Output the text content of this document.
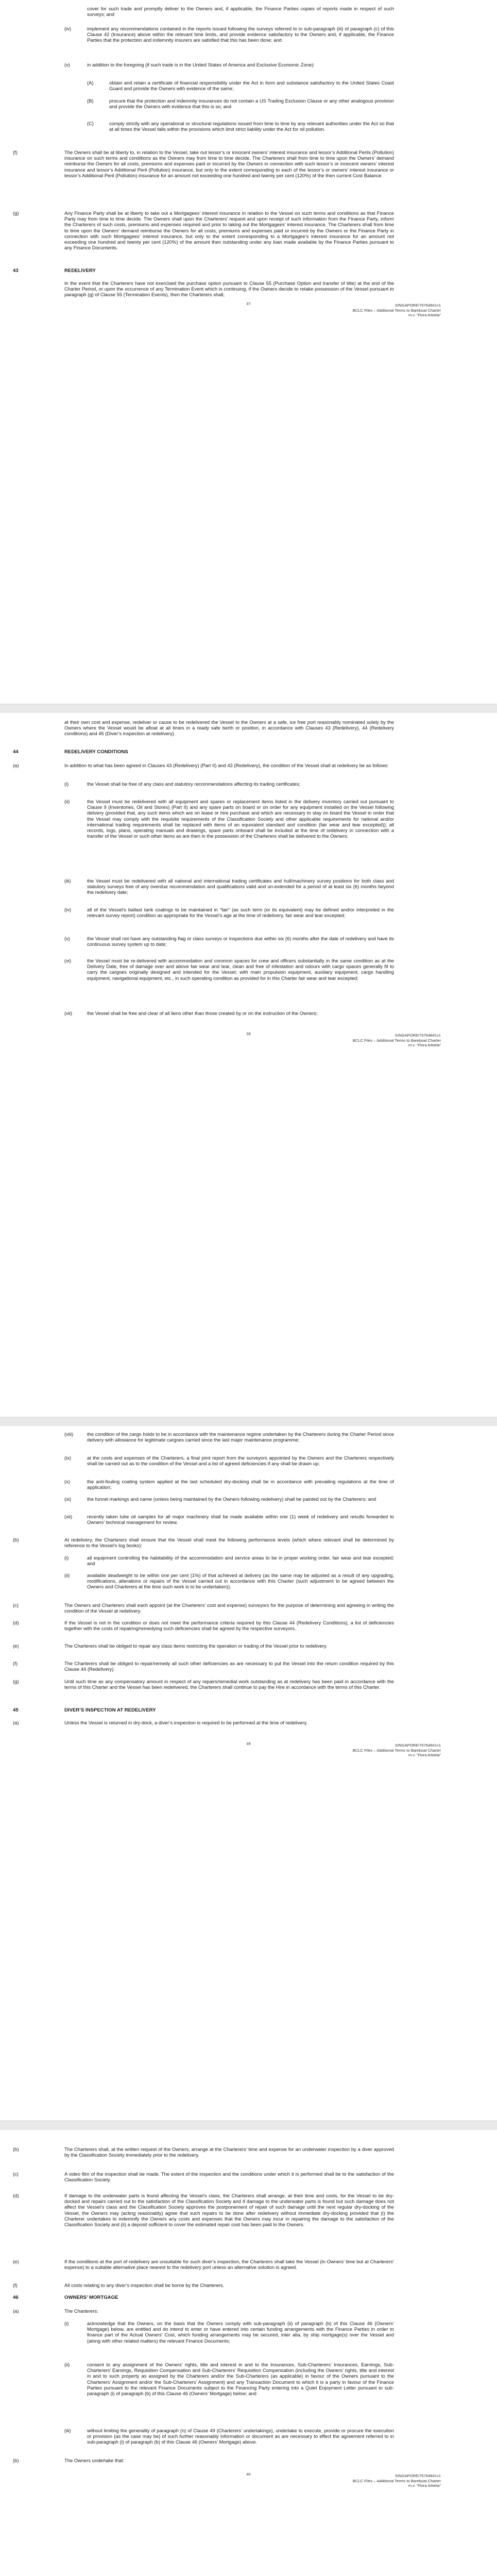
cover for such trade and promptly deliver to the Owners and, if applicable, the Finance Parties copies of reports made in respect of such surveys; and
(iv)	implement any recommendations contained in the reports issued following the surveys referred to in sub-paragraph (iii) of paragraph (c) of this Clause 42 (Insurance) above within the relevant time limits, and provide evidence satisfactory to the Owners and, if applicable, the Finance Parties that the protection and indemnity insurers are satisfied that this has been done; and
(v)	in addition to the foregoing (if such trade is in the United States of America and Exclusive Economic Zone):
(A)	obtain and retain a certificate of financial responsibility under the Act in form and substance satisfactory to the United States Coast Guard and provide the Owners with evidence of the same;
(B)	procure that the protection and indemnity insurances do not contain a US Trading Exclusion Clause or any other analogous provision and provide the Owners with evidence that this is so; and
(C)	comply strictly with any operational or structural regulations issued from time to time by any relevant authorities under the Act so that at all times the Vessel falls within the provisions which limit strict liability under the Act for oil pollution.
(f)	The Owners shall be at liberty to, in relation to the Vessel, take out lessor’s or innocent owners’ interest insurance and lessor’s Additional Perils (Pollution) insurance on such terms and conditions as the Owners may from time to time decide. The Charterers shall from time to time upon the Owners’ demand reimburse the Owners for all costs, premiums and expenses paid or incurred by the Owners in connection with such lessor’s or innocent owners’ interest insurance and lessor’s Additional Peril (Pollution) insurance, but only to the extent corresponding to each of the lessor’s or owners’ interest insurance or lessor’s Additional Peril (Pollution) insurance for an amount not exceeding one hundred and twenty per cent (120%) of the then current Cost Balance.
(g)	Any Finance Party shall be at liberty to take out a Mortgagees’ interest insurance in relation to the Vessel on such terms and conditions as that Finance Party may from time to time decide. The Owners shall upon the Charterers’ request and upon receipt of such information from the Finance Party, inform the Charterers of such costs, premiums and expenses required and prior to taking out the Mortgagees’ interest insurance. The Charterers shall from time to time upon the Owners’ demand reimburse the Owners for all costs, premiums and expenses paid or incurred by the Owners or the Finance Party in connection with such Mortgagees’ interest insurance, but only to the extent corresponding to a Mortgagee’s interest insurance for an amount not exceeding one hundred and twenty per cent (120%) of the amount then outstanding under any loan made available by the Finance Parties pursuant to any Finance Documents.
43	REDELIVERY
In the event that the Charterers have not exercised the purchase option pursuant to Clause 55 (Purchase Option and transfer of title) at the end of the Charter Period, or upon the occurrence of any Termination Event which is continuing, if the Owners decide to retake possession of the Vessel pursuant to paragraph (g) of Clause 55 (Termination Events), then the Charterers shall,
37	SINGAPORE/76764841v1
BCLC Files – Additional Terms to Bareboat Charter
m.v. “Flora Arkelia”
at their own cost and expense, redeliver or cause to be redelivered the Vessel to the Owners at a safe, ice free port reasonably nominated solely by the Owners where the Vessel would be afloat at all times in a ready safe berth or position, in accordance with Clauses 43 (Redelivery), 44 (Redelivery conditions) and 45 (Diver’s inspection at redelivery).
44	REDELIVERY CONDITIONS
(a)	In addition to what has been agreed in Clauses 43 (Redelivery) (Part II) and 43 (Redelivery), the condition of the Vessel shall at redelivery be as follows:
(i)	the Vessel shall be free of any class and statutory recommendations affecting its trading certificates;
(ii)	the Vessel must be redelivered with all equipment and spares or replacement items listed in the delivery inventory carried out pursuant to Clause 9 (Inventories, Oil and Stores) (Part II) and any spare parts on board or on order for any equipment installed on the Vessel following delivery (provided that, any such items which are on lease or hire purchase and which are necessary to stay on board the Vessel in order that the Vessel may comply with the requisite requirements of the Classification Society and other applicable requirements for national and/or international trading requirements shall be replaced with items of an equivalent standard and condition (fair wear and tear excepted)); all records, logs, plans, operating manuals and drawings, spare parts onboard shall be included at the time of redelivery in connection with a transfer of the Vessel or such other items as are then in the possession of the Charterers shall be delivered to the Owners;
(iii)	the Vessel must be redelivered with all national and international trading certificates and hull/machinery survey positions for both class and statutory surveys free of any overdue recommendation and qualifications valid and un-extended for a period of at least six (6) months beyond the redelivery date;
(iv)	all of the Vessel’s ballast tank coatings to be maintained in “fair” (as such term (or its equivalent) may be defined and/or interpreted in the relevant survey report) condition as appropriate for the Vessel’s age at the time of redelivery, fair wear and tear excepted;
(v)	the Vessel shall not have any outstanding flag or class surveys or inspections due within six (6) months after the date of redelivery and have its continuous survey system up to date;
(vi)	the Vessel must be re-delivered with accommodation and common spaces for crew and officers substantially in the same condition as at the Delivery Date, free of damage over and above fair wear and tear, clean and free of infestation and odours with cargo spaces generally fit to carry the cargoes originally designed and intended for the Vessel; with main propulsion equipment, auxiliary equipment, cargo handling equipment, navigational equipment, etc., in such operating condition as provided for in this Charter fair wear and tear excepted;
(vii)	the Vessel shall be free and clear of all liens other than those created by or on the instruction of the Owners;
38	SINGAPORE/76764841v1
BCLC Files – Additional Terms to Bareboat Charter
m.v. “Flora Arkelia”
(viii)	the condition of the cargo holds to be in accordance with the maintenance regime undertaken by the Charterers during the Charter Period since delivery with allowance for legitimate cargoes carried since the last major maintenance programme;
(ix)	at the costs and expenses of the Charterers, a final joint report from the surveyors appointed by the Owners and the Charterers respectively shall be carried out as to the condition of the Vessel and a list of agreed deficiencies if any shall be drawn up;
(x)	the anti-fouling coating system applied at the last scheduled dry-docking shall be in accordance with prevailing regulations at the time of application;
(xi)	the funnel markings and name (unless being maintained by the Owners following redelivery) shall be painted out by the Charterers; and
(xii)	recently taken lube oil samples for all major machinery shall be made available within one (1) week of redelivery and results forwarded to Owners’ technical management for review.
(b)	At redelivery, the Charterers shall ensure that the Vessel shall meet the following performance levels (which where relevant shall be determined by reference to the Vessel’s log books):
(i)	all equipment controlling the habitability of the accommodation and service areas to be in proper working order, fair wear and tear excepted; and
(ii)	available deadweight to be within one per cent (1%) of that achieved at delivery (as the same may be adjusted as a result of any upgrading, modifications, alterations or repairs of the Vessel carried out in accordance with this Charter (such adjustment to be agreed between the Owners and Charterers at the time such work is to be undertaken)).
(c)	The Owners and Charterers shall each appoint (at the Charterers’ cost and expense) surveyors for the purpose of determining and agreeing in writing the condition of the Vessel at redelivery.
(d)	If the Vessel is not in the condition or does not meet the performance criteria required by this Clause 44 (Redelivery Conditions), a list of deficiencies together with the costs of repairing/remedying such deficiencies shall be agreed by the respective surveyors.
(e)	The Charterers shall be obliged to repair any class items restricting the operation or trading of the Vessel prior to redelivery.
(f)	The Charterers shall be obliged to repair/remedy all such other deficiencies as are necessary to put the Vessel into the return condition required by this Clause 44 (Redelivery).
(g)	Until such time as any compensatory amount in respect of any repairs/remedial work outstanding as at redelivery has been paid in accordance with the terms of this Charter and the Vessel has been redelivered, the Charterers shall continue to pay the Hire in accordance with the terms of this Charter.
45	DIVER’S INSPECTION AT REDELIVERY
(a)	Unless the Vessel is returned in dry-dock, a diver’s inspection is required to be performed at the time of redelivery.
39	SINGAPORE/76764841v1
BCLC Files – Additional Terms to Bareboat Charter
m.v. “Flora Arkelia”
(b)	The Charterers shall, at the written request of the Owners, arrange at the Charterers’ time and expense for an underwater inspection by a diver approved by the Classification Society immediately prior to the redelivery.
(c)	A video film of the inspection shall be made. The extent of the inspection and the conditions under which it is performed shall be to the satisfaction of the Classification Society.
(d)	If damage to the underwater parts is found affecting the Vessel’s class, the Charterers shall arrange, at their time and costs, for the Vessel to be dry-docked and repairs carried out to the satisfaction of the Classification Society and if damage to the underwater parts is found but such damage does not affect the Vessel’s class and the Classification Society approves the postponement of repair of such damage until the next regular dry-docking of the Vessel, the Owners may (acting reasonably) agree that such repairs to be done after redelivery without immediate dry-docking provided that (i) the Charterer undertakes to indemnify the Owners any costs and expenses that the Owners may incur in repairing the damage to the satisfaction of the Classification Society and (ii) a deposit sufficient to cover the estimated repair cost has been paid to the Owners.
(e)	If the conditions at the port of redelivery are unsuitable for such diver’s inspection, the Charterers shall take the Vessel (in Owners’ time but at Charterers’ expense) to a suitable alternative place nearest to the redelivery port unless an alternative solution is agreed.
(f)	All costs relating to any diver’s inspection shall be borne by the Charterers.
46	OWNERS’ MORTGAGE
(a)	The Charterers:
(i)	acknowledge that the Owners, on the basis that the Owners comply with sub-paragraph (ii) of paragraph (b) of this Clause 46 (Owners’ Mortgage) below, are entitled and do intend to enter or have entered into certain funding arrangements with the Finance Parties in order to finance part of the Actual Owners’ Cost, which funding arrangements may be secured, inter alia, by ship mortgage(s) over the Vessel and (along with other related matters) the relevant Finance Documents;
(ii)	consent to any assignment of the Owners’ rights, title and interest in and to the Insurances, Sub-Charterers’ Insurances, Earnings, Sub-Charterers’ Earnings, Requisition Compensation and Sub-Charterers’ Requisition Compensation (including the Owners’ rights, title and interest in and to such property as assigned by the Charterers and/or the Sub-Charterers (as applicable) in favour of the Owners pursuant to the Charterers’ Assignment and/or the Sub-Charterers’ Assignment) and any Transaction Document to which it is a party in favour of the Finance Parties pursuant to the relevant Finance Documents subject to the Financing Party entering into a Quiet Enjoyment Letter pursuant to sub-paragraph (i) of paragraph (b) of this Clause 46 (Owners’ Mortgage) below; and
(iii)	without limiting the generality of paragraph (n) of Clause 49 (Charterers’ undertakings), undertake to execute, provide or procure the execution or provision (as the case may be) of such further reasonably information or document as are necessary to effect the agreement referred to in sub-paragraph (i) of paragraph (b) of this Clause 46 (Owners’ Mortgage) above.
(b)	The Owners undertake that:
40	SINGAPORE/76764841v1
BCLC Files – Additional Terms to Bareboat Charter
m.v. “Flora Arkelia”
